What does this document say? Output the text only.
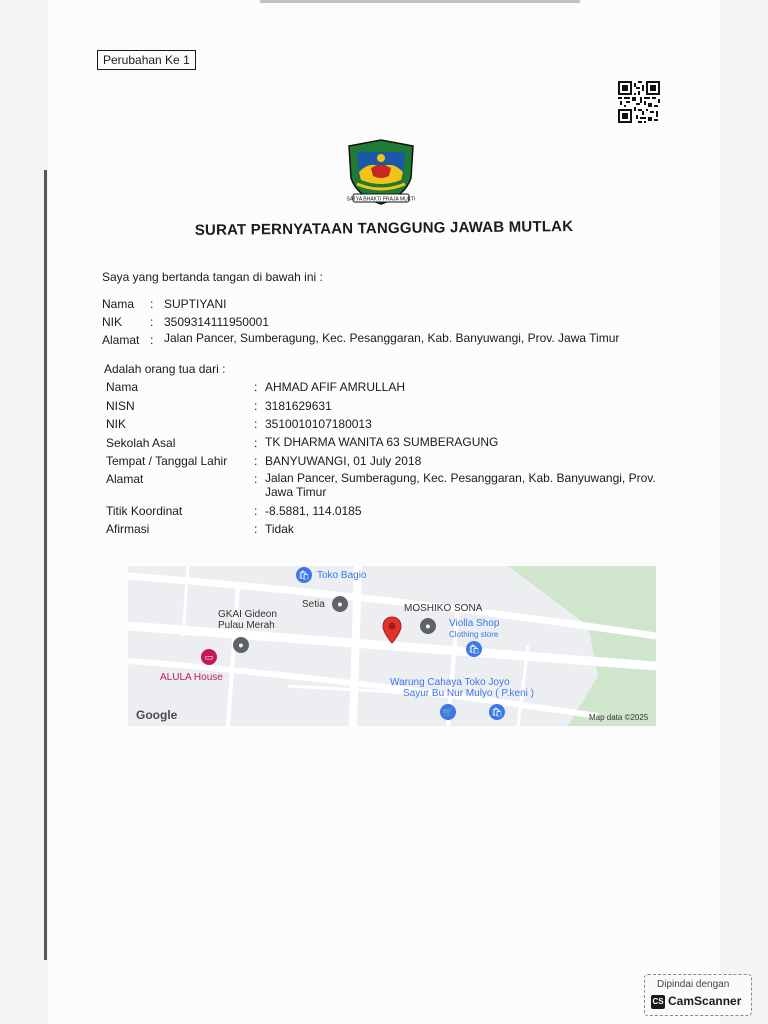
Perubahan Ke 1
SATYA BHAKTI PRAJA MUKTI
SURAT PERNYATAAN TANGGUNG JAWAB MUTLAK
Saya yang bertanda tangan di bawah ini :
Nama : SUPTIYANI
NIK : 3509314111950001
Alamat : Jalan Pancer, Sumberagung, Kec. Pesanggaran, Kab. Banyuwangi, Prov. Jawa Timur
Adalah orang tua dari :
Nama	: AHMAD AFIF AMRULLAH
NISN	: 3181629631
NIK	: 3510010107180013
Sekolah Asal	: TK DHARMA WANITA 63 SUMBERAGUNG
Tempat / Tanggal Lahir : BANYUWANGI, 01 July 2018
Alamat	: Jalan Pancer, Sumberagung, Kec. Pesanggaran, Kab. Banyuwangi, Prov. Jawa Timur
Titik Koordinat	: -8.5881, 114.0185
Afirmasi	: Tidak
🛍 Toko Bagio
Setia	●
GKAI Gideon
Pulau Merah
●
MOSHIKO SONA
●	Violla Shop
Clothing store
🛍
▭
ALULA House	Warung Cahaya Toko Joyo
Sayur Bu Nur Mulyo ( P.keni )
🛒	🛍
Google	Map data ©2025
Dipindai dengan
CS CamScanner
